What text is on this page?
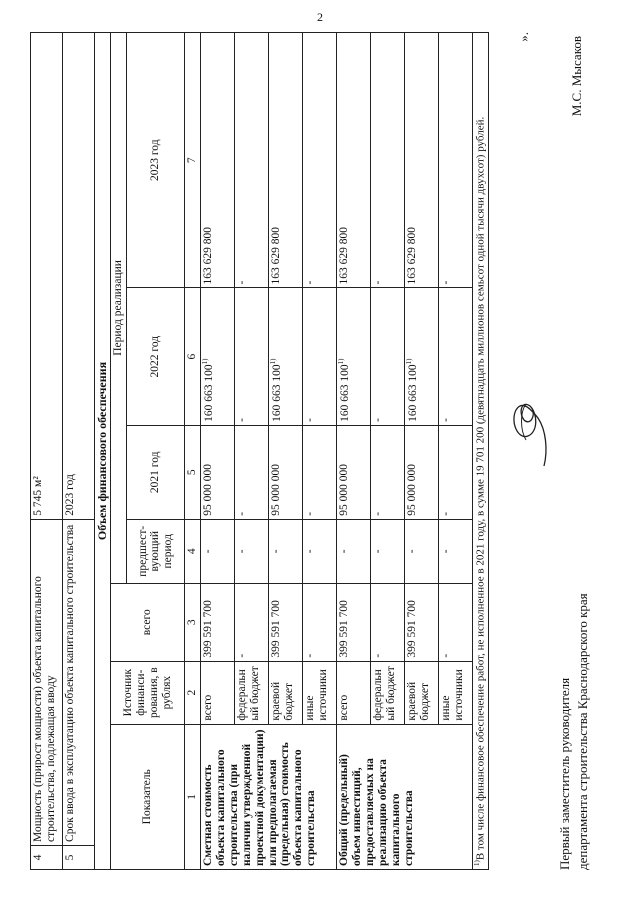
2
4	Мощность (прирост мощности) объекта капитального строительства, подлежащая вводу				5 745 м²		
5	Срок ввода в эксплуатацию объекта капитального строительства				2023 год		
Объем финансового обеспечения							
Показатель		Источник финанси-рования, в рублях	всего	Период реализации			
				предшест-вующий период	2021 год	2022 год	2023 год
1		2	3	4	5	6	7
Сметная стоимость объекта капитального строительства (при наличии утвержденной проектной документации) или предполагаемая (предельная) стоимость объекта капитального строительства		всего	399 591 700	-	95 000 000	160 663 100$^{1)}$	163 629 800
		федеральный бюджет	-	-	-	-	-
		краевой бюджет	399 591 700	-	95 000 000	160 663 100$^{1)}$	163 629 800
		иные источники	-	-	-	-	-
Общий (предельный) объем инвестиций, предоставляемых на реализацию объекта капитального строительства		всего	399 591 700	-	95 000 000	160 663 100$^{1)}$	163 629 800
		федеральный бюджет	-	-	-	-	-
		краевой бюджет	399 591 700	-	95 000 000	160 663 100$^{1)}$	163 629 800
		иные источники	-	-	-	-	-
$^{1)}$В том числе финансовое обеспечение работ, не исполненное в 2021 году, в сумме 19 701 200 (девятнадцать миллионов семьсот одной тысячи двухсот) рублей.							
».
Первый заместитель руководителя департамента строительства Краснодарского края
М.С. Мысаков
